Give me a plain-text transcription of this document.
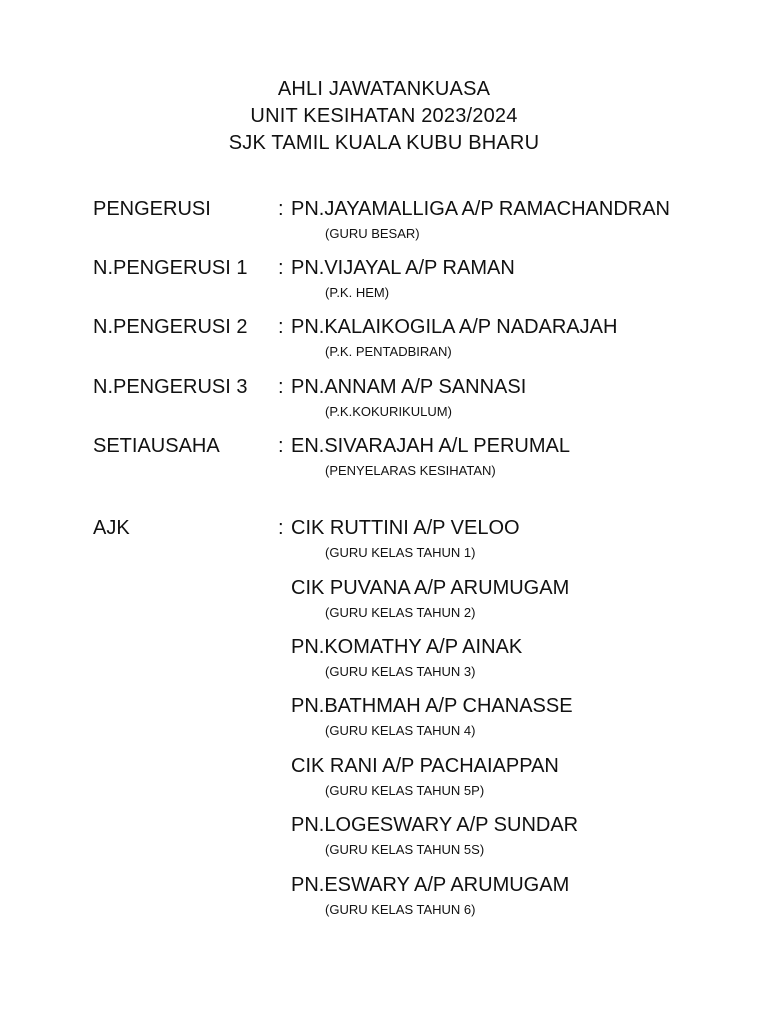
AHLI JAWATANKUASA
UNIT KESIHATAN 2023/2024
SJK TAMIL KUALA KUBU BHARU
PENGERUSI	: PN.JAYAMALLIGA A/P RAMACHANDRAN
(GURU BESAR)
N.PENGERUSI 1 : PN.VIJAYAL A/P RAMAN
(P.K. HEM)
N.PENGERUSI 2 : PN.KALAIKOGILA A/P NADARAJAH
(P.K. PENTADBIRAN)
N.PENGERUSI 3 : PN.ANNAM A/P SANNASI
(P.K.KOKURIKULUM)
SETIAUSAHA	: EN.SIVARAJAH A/L PERUMAL
(PENYELARAS KESIHATAN)
AJK	: CIK RUTTINI A/P VELOO
(GURU KELAS TAHUN 1)
CIK PUVANA A/P ARUMUGAM
(GURU KELAS TAHUN 2)
PN.KOMATHY A/P AINAK
(GURU KELAS TAHUN 3)
PN.BATHMAH A/P CHANASSE
(GURU KELAS TAHUN 4)
CIK RANI A/P PACHAIAPPAN
(GURU KELAS TAHUN 5P)
PN.LOGESWARY A/P SUNDAR
(GURU KELAS TAHUN 5S)
PN.ESWARY A/P ARUMUGAM
(GURU KELAS TAHUN 6)
